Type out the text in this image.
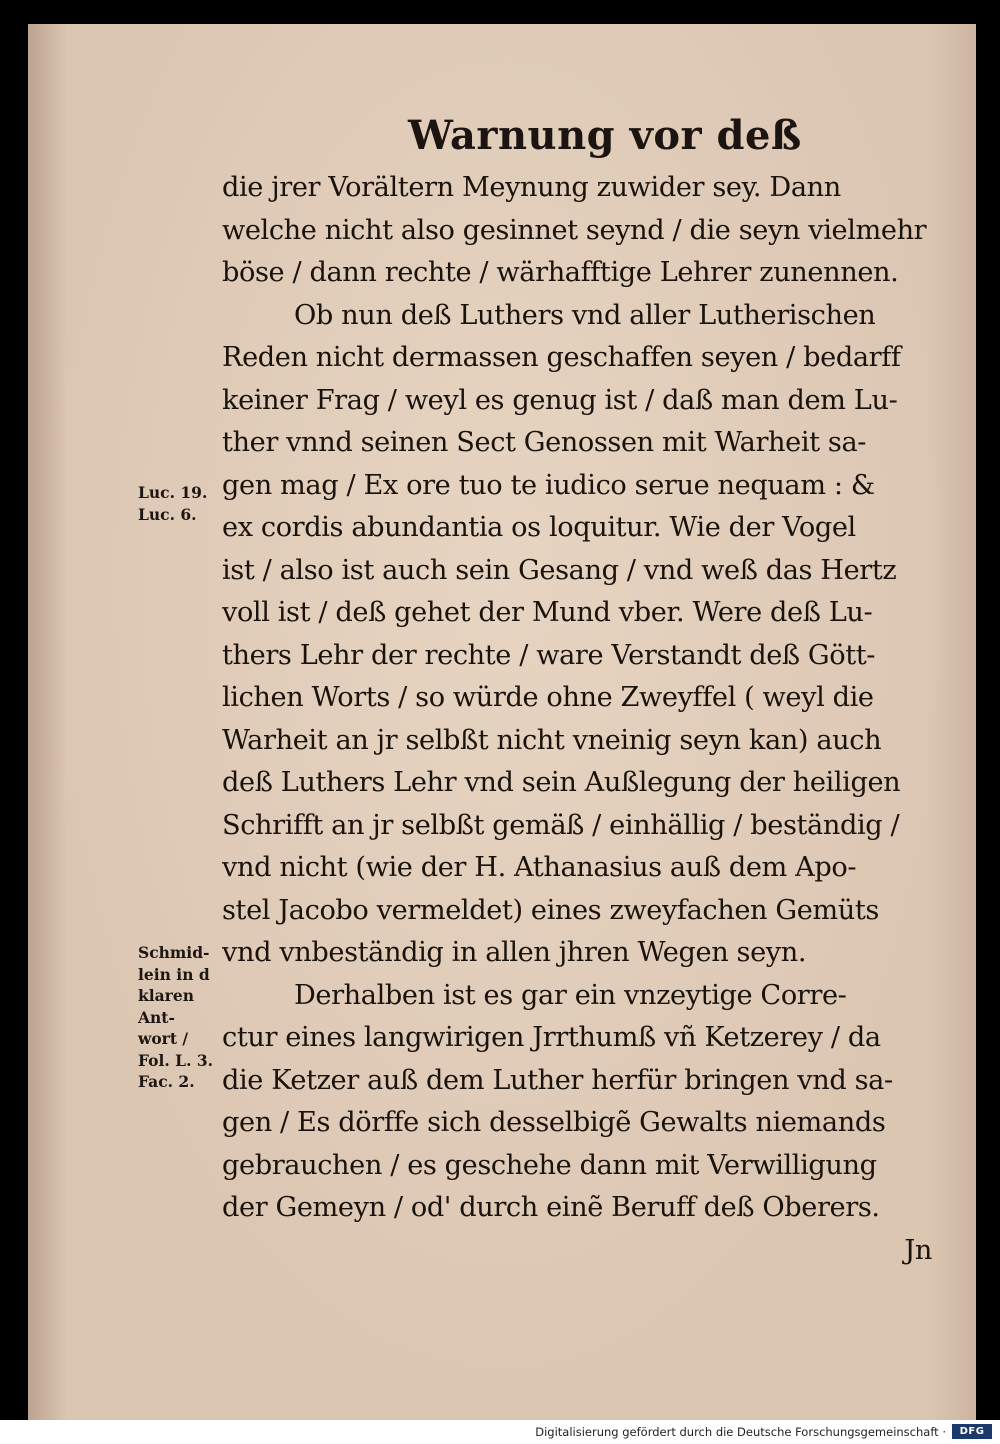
Warnung vor deß
die jrer Vorältern Meynung zuwider sey. Dann
welche nicht also gesinnet seynd / die seyn vielmehr
böse / dann rechte / wärhafftige Lehrer zunennen.
Ob nun deß Luthers vnd aller Lutherischen
Reden nicht dermassen geschaffen seyen / bedarff
keiner Frag / weyl es genug ist / daß man dem Lu-
ther vnnd seinen Sect Genossen mit Warheit sa-
gen mag / Ex ore tuo te iudico serue nequam : &
ex cordis abundantia os loquitur. Wie der Vogel
ist / also ist auch sein Gesang / vnd weß das Hertz
voll ist / deß gehet der Mund vber. Were deß Lu-
thers Lehr der rechte / ware Verstandt deß Gött-
lichen Worts / so würde ohne Zweyffel ( weyl die
Warheit an jr selbßt nicht vneinig seyn kan) auch
deß Luthers Lehr vnd sein Außlegung der heiligen
Schrifft an jr selbßt gemäß / einhällig / beständig /
vnd nicht (wie der H. Athanasius auß dem Apo-
stel Jacobo vermeldet) eines zweyfachen Gemüts
vnd vnbeständig in allen jhren Wegen seyn.
Derhalben ist es gar ein vnzeytige Corre-
ctur eines langwirigen Jrrthumß vñ Ketzerey / da
die Ketzer auß dem Luther herfür bringen vnd sa-
gen / Es dörffe sich desselbigẽ Gewalts niemands
gebrauchen / es geschehe dann mit Verwilligung
der Gemeyn / od' durch einẽ Beruff deß Oberers.
Jn
Luc. 19.
Luc. 6.
Schmid-
lein in d
klaren
Ant-
wort /
Fol. L. 3.
Fac. 2.
Digitalisierung gefördert durch die Deutsche Forschungsgemeinschaft ·	DFG
